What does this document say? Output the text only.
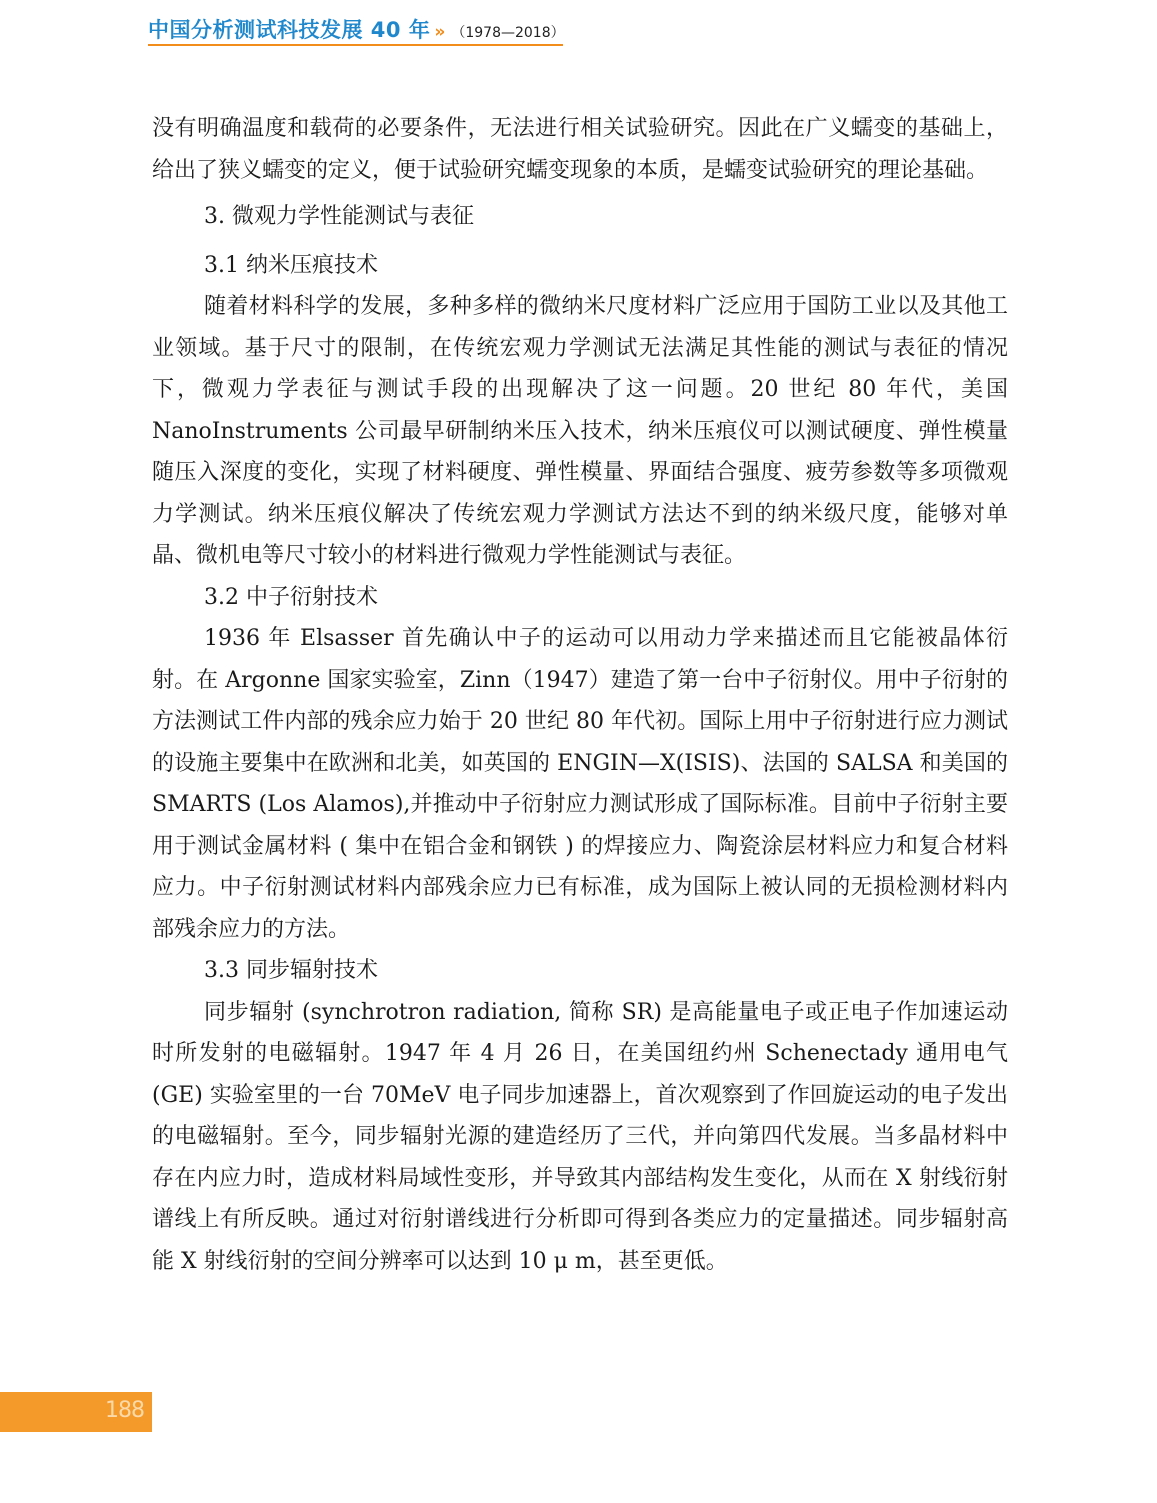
中国分析测试科技发展 40 年 » （1978—2018）

没有明确温度和载荷的必要条件，无法进行相关试验研究。因此在广义蠕变的基础上，给出了狭义蠕变的定义，便于试验研究蠕变现象的本质，是蠕变试验研究的理论基础。

3. 微观力学性能测试与表征

3.1 纳米压痕技术

随着材料科学的发展，多种多样的微纳米尺度材料广泛应用于国防工业以及其他工业领域。基于尺寸的限制，在传统宏观力学测试无法满足其性能的测试与表征的情况下，微观力学表征与测试手段的出现解决了这一问题。20 世纪 80 年代，美国 NanoInstruments 公司最早研制纳米压入技术，纳米压痕仪可以测试硬度、弹性模量随压入深度的变化，实现了材料硬度、弹性模量、界面结合强度、疲劳参数等多项微观力学测试。纳米压痕仪解决了传统宏观力学测试方法达不到的纳米级尺度，能够对单晶、微机电等尺寸较小的材料进行微观力学性能测试与表征。

3.2 中子衍射技术

1936 年 Elsasser 首先确认中子的运动可以用动力学来描述而且它能被晶体衍射。在 Argonne 国家实验室，Zinn（1947）建造了第一台中子衍射仪。用中子衍射的方法测试工件内部的残余应力始于 20 世纪 80 年代初。国际上用中子衍射进行应力测试的设施主要集中在欧洲和北美，如英国的 ENGIN—X(ISIS)、法国的 SALSA 和美国的 SMARTS (Los Alamos),并推动中子衍射应力测试形成了国际标准。目前中子衍射主要用于测试金属材料 ( 集中在铝合金和钢铁 ) 的焊接应力、陶瓷涂层材料应力和复合材料应力。中子衍射测试材料内部残余应力已有标准，成为国际上被认同的无损检测材料内部残余应力的方法。

3.3 同步辐射技术

同步辐射 (synchrotron radiation, 简称 SR) 是高能量电子或正电子作加速运动时所发射的电磁辐射。1947 年 4 月 26 日，在美国纽约州 Schenectady 通用电气 (GE) 实验室里的一台 70MeV 电子同步加速器上，首次观察到了作回旋运动的电子发出的电磁辐射。至今，同步辐射光源的建造经历了三代，并向第四代发展。当多晶材料中存在内应力时，造成材料局域性变形，并导致其内部结构发生变化，从而在 X 射线衍射谱线上有所反映。通过对衍射谱线进行分析即可得到各类应力的定量描述。同步辐射高能 X 射线衍射的空间分辨率可以达到 10 μ m，甚至更低。

188
